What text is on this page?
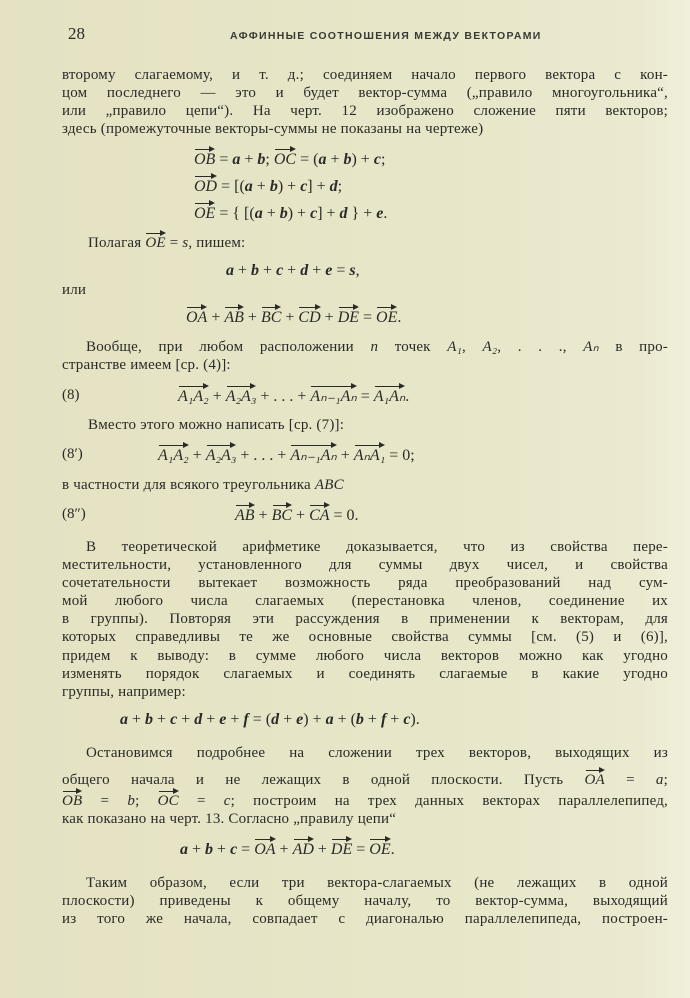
28	АФФИННЫЕ СООТНОШЕНИЯ МЕЖДУ ВЕКТОРАМИ
второму слагаемому, и т. д.; соединяем начало первого вектора с кон-
цом последнего — это и будет вектор-сумма („правило многоугольника“,
или „правило цепи“). На черт. 12 изображено сложение пяти векторов;
здесь (промежуточные векторы-суммы не показаны на чертеже)
OB = a + b; OC = (a + b) + c;
OD = [(a + b) + c] + d;
OE = { [(a + b) + c] + d } + e.
Полагая OE = s, пишем:
a + b + c + d + e = s,
или
OA + AB + BC + CD + DE = OE.
Вообще, при любом расположении n точек A₁, A₂, . . ., Aₙ в про-
странстве имеем [ср. (4)]:
(8)	A₁A₂ + A₂A₃ + . . . + Aₙ₋₁Aₙ = A₁Aₙ.
Вместо этого можно написать [ср. (7)]:
(8′)	A₁A₂ + A₂A₃ + . . . + Aₙ₋₁Aₙ + AₙA₁ = 0;
в частности для всякого треугольника ABC
(8″)	AB + BC + CA = 0.
В теоретической арифметике доказывается, что из свойства пере-
местительности, установленного для суммы двух чисел, и свойства
сочетательности вытекает возможность ряда преобразований над сум-
мой любого числа слагаемых (перестановка членов, соединение их
в группы). Повторяя эти рассуждения в применении к векторам, для
которых справедливы те же основные свойства суммы [см. (5) и (6)],
придем к выводу: в сумме любого числа векторов можно как угодно
изменять порядок слагаемых и соединять слагаемые в какие угодно
группы, например:
a + b + c + d + e + f = (d + e) + a + (b + f + c).
Остановимся подробнее на сложении трех векторов, выходящих из
общего начала и не лежащих в одной плоскости. Пусть OA = a;
OB = b; OC = c; построим на трех данных векторах параллелепипед,
как показано на черт. 13. Согласно „правилу цепи“
a + b + c = OA + AD + DE = OE.
Таким образом, если три вектора-слагаемых (не лежащих в одной
плоскости) приведены к общему началу, то вектор-сумма, выходящий
из того же начала, совпадает с диагональю параллелепипеда, построен-
